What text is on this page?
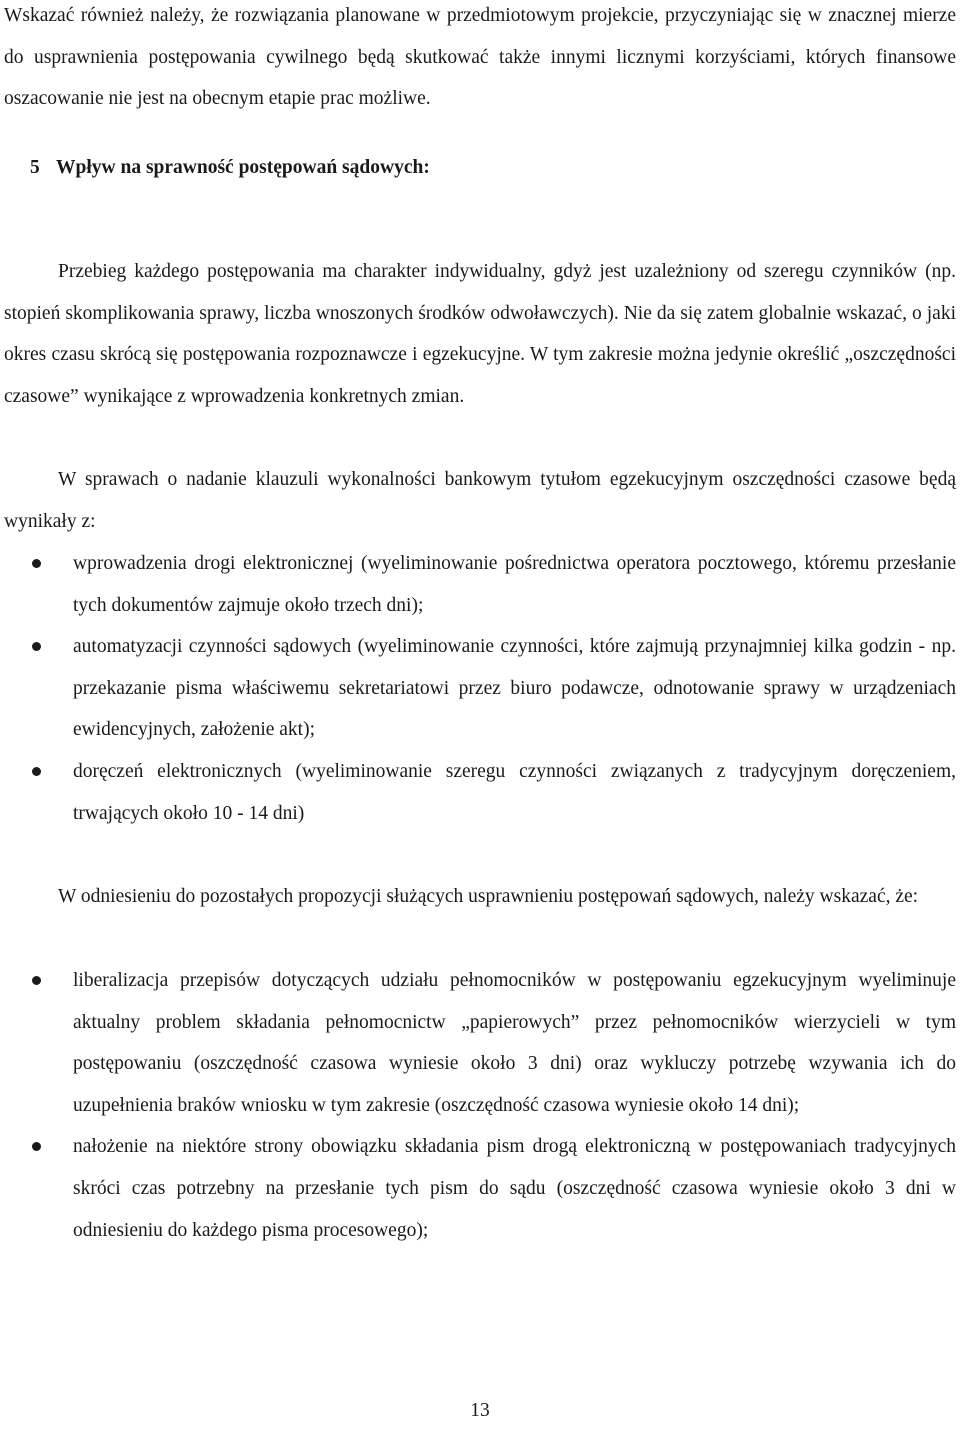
Wskazać również należy, że rozwiązania planowane w przedmiotowym projekcie, przyczyniając się w znacznej mierze do usprawnienia postępowania cywilnego będą skutkować także innymi licznymi korzyściami, których finansowe oszacowanie nie jest na obecnym etapie prac możliwe.

5 Wpływ na sprawność postępowań sądowych:

Przebieg każdego postępowania ma charakter indywidualny, gdyż jest uzależniony od szeregu czynników (np. stopień skomplikowania sprawy, liczba wnoszonych środków odwoławczych). Nie da się zatem globalnie wskazać, o jaki okres czasu skrócą się postępowania rozpoznawcze i egzekucyjne. W tym zakresie można jedynie określić „oszczędności czasowe” wynikające z wprowadzenia konkretnych zmian.

W sprawach o nadanie klauzuli wykonalności bankowym tytułom egzekucyjnym oszczędności czasowe będą wynikały z:

wprowadzenia drogi elektronicznej (wyeliminowanie pośrednictwa operatora pocztowego, któremu przesłanie tych dokumentów zajmuje około trzech dni);
automatyzacji czynności sądowych (wyeliminowanie czynności, które zajmują przynajmniej kilka godzin - np. przekazanie pisma właściwemu sekretariatowi przez biuro podawcze, odnotowanie sprawy w urządzeniach ewidencyjnych, założenie akt);
doręczeń elektronicznych (wyeliminowanie szeregu czynności związanych z tradycyjnym doręczeniem, trwających około 10 - 14 dni)

W odniesieniu do pozostałych propozycji służących usprawnieniu postępowań sądowych, należy wskazać, że:

liberalizacja przepisów dotyczących udziału pełnomocników w postępowaniu egzekucyjnym wyeliminuje aktualny problem składania pełnomocnictw „papierowych” przez pełnomocników wierzycieli w tym postępowaniu (oszczędność czasowa wyniesie około 3 dni) oraz wykluczy potrzebę wzywania ich do uzupełnienia braków wniosku w tym zakresie (oszczędność czasowa wyniesie około 14 dni);
nałożenie na niektóre strony obowiązku składania pism drogą elektroniczną w postępowaniach tradycyjnych skróci czas potrzebny na przesłanie tych pism do sądu (oszczędność czasowa wyniesie około 3 dni w odniesieniu do każdego pisma procesowego);
13
